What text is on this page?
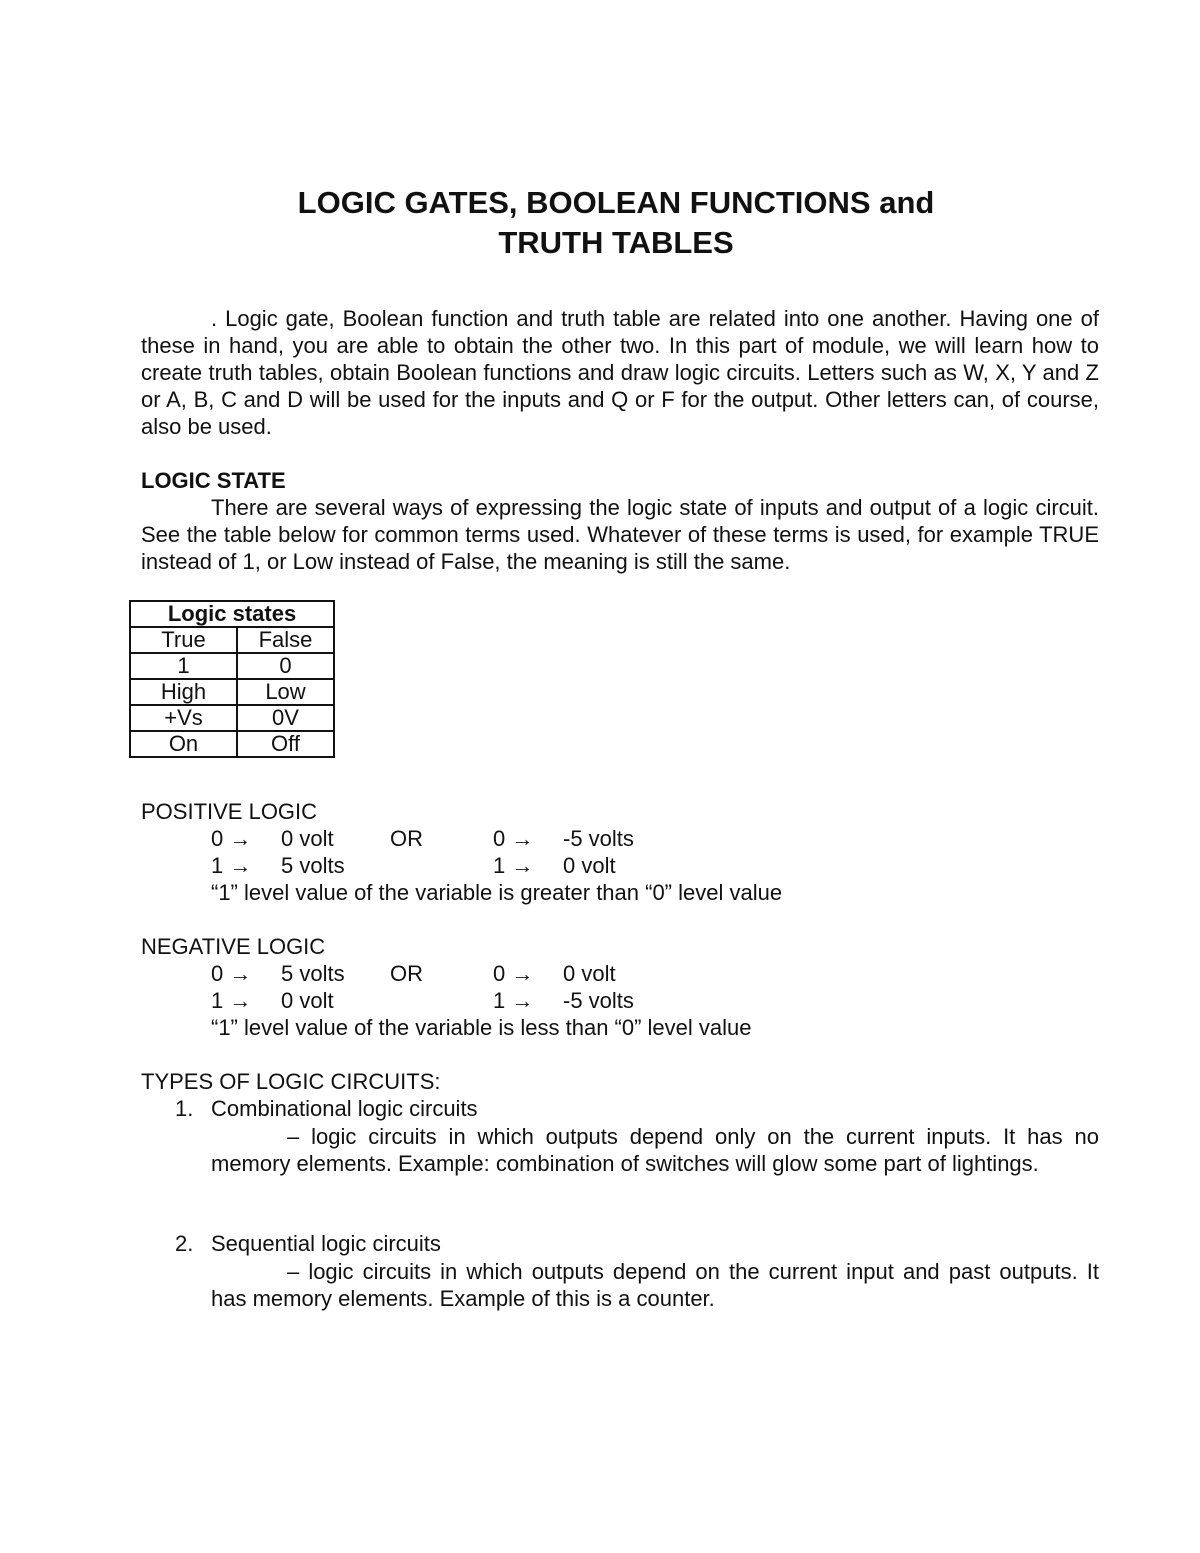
LOGIC GATES, BOOLEAN FUNCTIONS and
TRUTH TABLES
. Logic gate, Boolean function and truth table are related into one another. Having one of these in hand, you are able to obtain the other two. In this part of module, we will learn how to create truth tables, obtain Boolean functions and draw logic circuits. Letters such as W, X, Y and Z or A, B, C and D will be used for the inputs and Q or F for the output. Other letters can, of course, also be used.
LOGIC STATE
There are several ways of expressing the logic state of inputs and output of a logic circuit. See the table below for common terms used. Whatever of these terms is used, for example TRUE instead of 1, or Low instead of False, the meaning is still the same.
Logic states	
True	False
1	0
High	Low
+Vs	0V
On	Off
POSITIVE LOGIC
0 → 0 volt	OR	0 → -5 volts
1 → 5 volts	1 → 0 volt
“1” level value of the variable is greater than “0” level value
NEGATIVE LOGIC
0 → 5 volts OR	0 → 0 volt
1 → 0 volt	1 → -5 volts
“1” level value of the variable is less than “0” level value
TYPES OF LOGIC CIRCUITS:
1. Combinational logic circuits
– logic circuits in which outputs depend only on the current inputs. It has no memory elements. Example: combination of switches will glow some part of lightings.
2. Sequential logic circuits
– logic circuits in which outputs depend on the current input and past outputs. It has memory elements. Example of this is a counter.
